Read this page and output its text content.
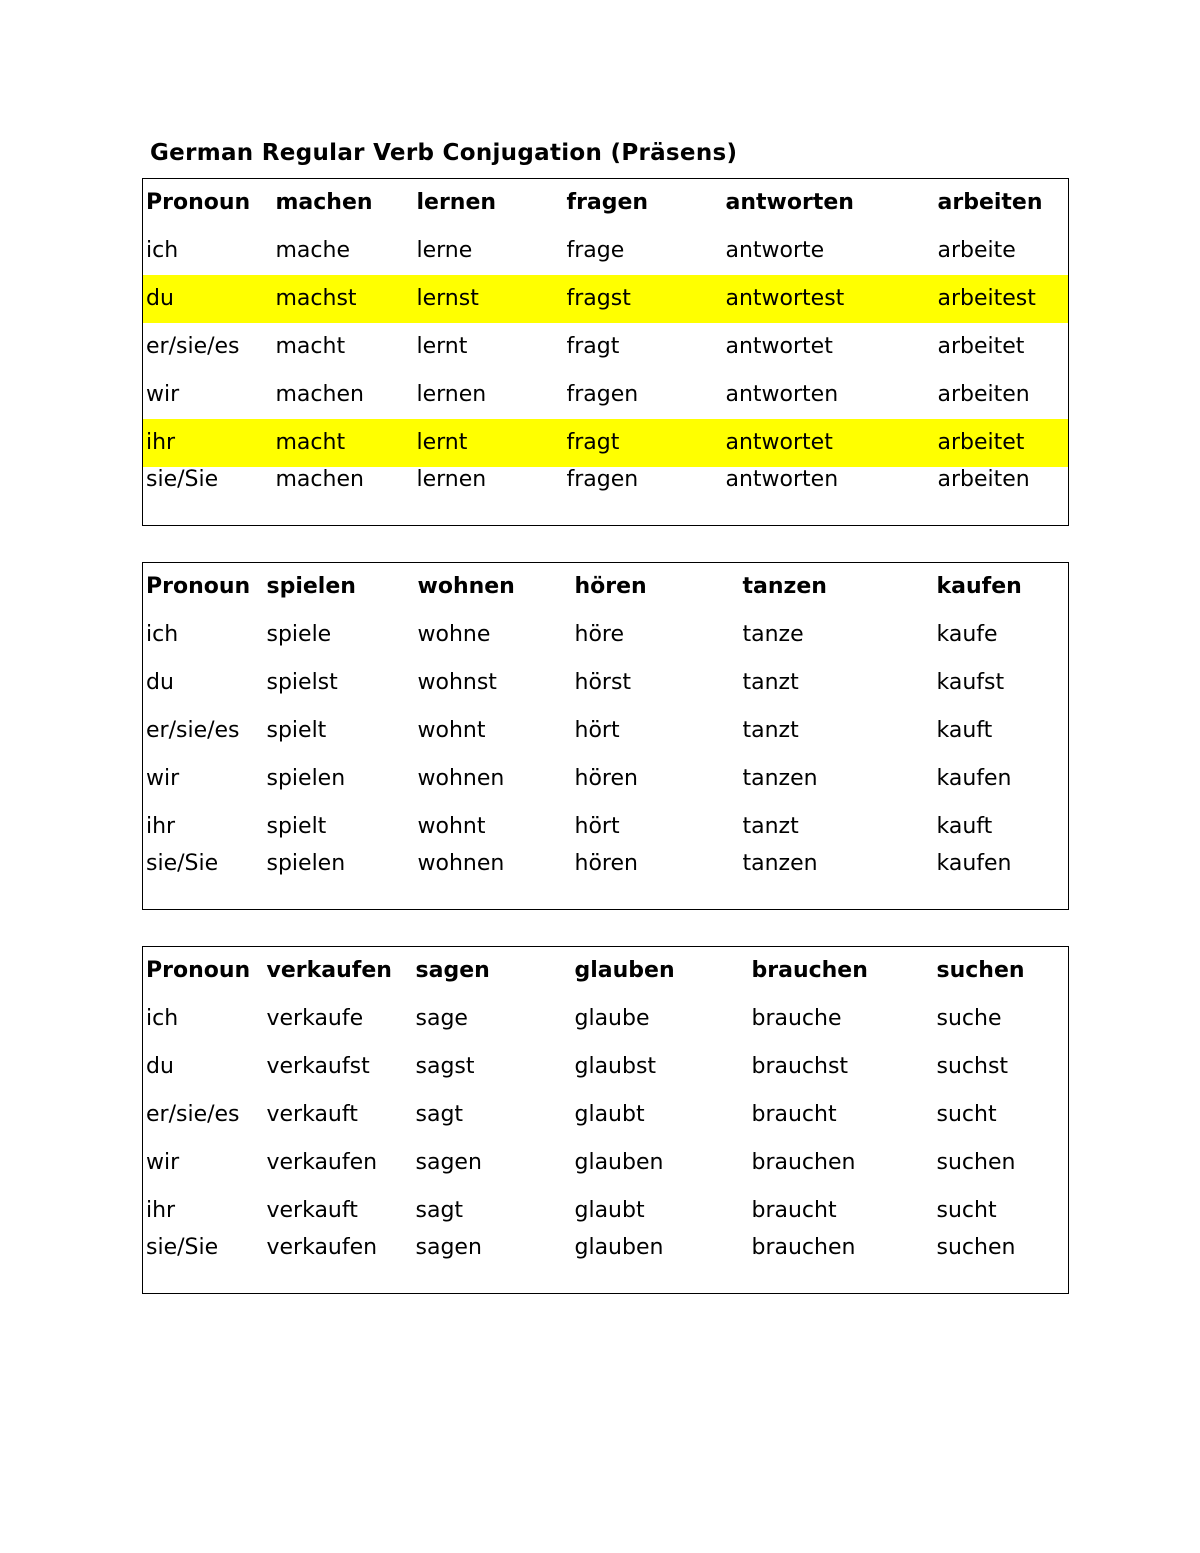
German Regular Verb Conjugation (Präsens)
Pronoun	machen	lernen	fragen	antworten	arbeiten
ich	mache	lerne	frage	antworte	arbeite
du	machst	lernst	fragst	antwortest	arbeitest
er/sie/es	macht	lernt	fragt	antwortet	arbeitet
wir	machen	lernen	fragen	antworten	arbeiten
ihr	macht	lernt	fragt	antwortet	arbeitet
sie/Sie	machen	lernen	fragen	antworten	arbeiten
Pronoun	spielen	wohnen	hören	tanzen	kaufen
ich	spiele	wohne	höre	tanze	kaufe
du	spielst	wohnst	hörst	tanzt	kaufst
er/sie/es	spielt	wohnt	hört	tanzt	kauft
wir	spielen	wohnen	hören	tanzen	kaufen
ihr	spielt	wohnt	hört	tanzt	kauft
sie/Sie	spielen	wohnen	hören	tanzen	kaufen
Pronoun	verkaufen	sagen	glauben	brauchen	suchen
ich	verkaufe	sage	glaube	brauche	suche
du	verkaufst	sagst	glaubst	brauchst	suchst
er/sie/es	verkauft	sagt	glaubt	braucht	sucht
wir	verkaufen	sagen	glauben	brauchen	suchen
ihr	verkauft	sagt	glaubt	braucht	sucht
sie/Sie	verkaufen	sagen	glauben	brauchen	suchen
